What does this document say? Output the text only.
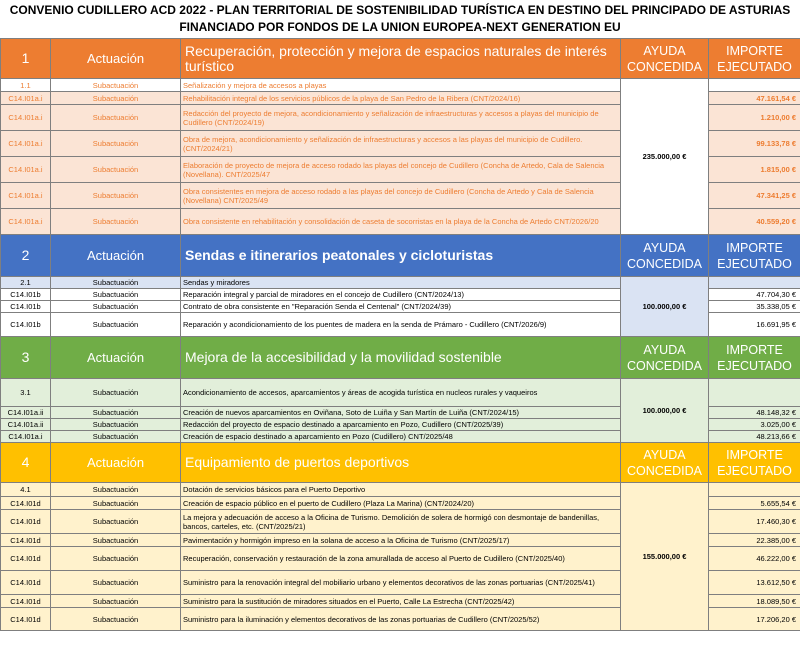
CONVENIO CUDILLERO ACD 2022 - PLAN TERRITORIAL DE SOSTENIBILIDAD TURÍSTICA EN DESTINO DEL PRINCIPADO DE ASTURIAS
FINANCIADO POR FONDOS DE LA UNION EUROPEA-NEXT GENERATION EU
1	Actuación	Recuperación, protección y mejora de espacios naturales de interés turístico	AYUDA CONCEDIDA	IMPORTE EJECUTADO
1.1	Subactuación	Señalización y mejora de accesos a playas	235.000,00 €	
C14.I01a.i	Subactuación	Rehabilitación integral de los servicios públicos de la playa de San Pedro de la Ribera (CNT/2024/16)		47.161,54 €
C14.I01a.i	Subactuación	Redacción del proyecto de mejora, acondicionamiento y señalización de infraestructuras y accesos a playas del municipio de Cudillero (CNT/2024/19)		1.210,00 €
C14.I01a.i	Subactuación	Obra de mejora, acondicionamiento y señalización de infraestructuras y accesos a las playas del municipio de Cudillero. (CNT/2024/21)		99.133,78 €
C14.I01a.i	Subactuación	Elaboración de proyecto de mejora de acceso rodado las playas del concejo de Cudillero (Concha de Artedo, Cala de Salencia (Novellana). CNT/2025/47		1.815,00 €
C14.I01a.i	Subactuación	Obra consistentes en mejora de acceso rodado a las playas del concejo de Cudillero (Concha de Artedo y Cala de Salencia (Novellana) CNT/2025/49		47.341,25 €
C14.I01a.i	Subactuación	Obra consistente en rehabilitación y consolidación de caseta de socorristas en la playa de la Concha de Artedo CNT/2026/20		40.559,20 €
2	Actuación	Sendas e itinerarios peatonales y cicloturistas	AYUDA CONCEDIDA	IMPORTE EJECUTADO
2.1	Subactuación	Sendas y miradores	100.000,00 €	
C14.I01b	Subactuación	Reparación integral y parcial de miradores en el concejo de Cudillero (CNT/2024/13)		47.704,30 €
C14.I01b	Subactuación	Contrato de obra consistente en "Reparación Senda el Centenal" (CNT/2024/39)		35.338,05 €
C14.I01b	Subactuación	Reparación y acondicionamiento de los puentes de madera en la senda de Prámaro - Cudillero (CNT/2026/9)		16.691,95 €
3	Actuación	Mejora de la accesibilidad y la movilidad sostenible	AYUDA CONCEDIDA	IMPORTE EJECUTADO
3.1	Subactuación	Acondicionamiento de accesos, aparcamientos y áreas de acogida turística en nucleos rurales y vaqueiros	100.000,00 €	
C14.I01a.ii	Subactuación	Creación de nuevos aparcamientos en Oviñana, Soto de Luiña y San Martín de Luiña (CNT/2024/15)		48.148,32 €
C14.I01a.ii	Subactuación	Redacción del proyecto de espacio destinado a aparcamiento en Pozo, Cudillero (CNT/2025/39)		3.025,00 €
C14.I01a.i	Subactuación	Creación de espacio destinado a aparcamiento en Pozo (Cudillero) CNT/2025/48		48.213,66 €
4	Actuación	Equipamiento de puertos deportivos	AYUDA CONCEDIDA	IMPORTE EJECUTADO
4.1	Subactuación	Dotación de servicios básicos para el Puerto Deportivo	155.000,00 €	
C14.I01d	Subactuación	Creación de espacio público en el puerto de Cudillero (Plaza La Marina) (CNT/2024/20)		5.655,54 €
C14.I01d	Subactuación	La mejora y adecuación de acceso a la Oficina de Turismo. Demolición de solera de hormigó con desmontaje de bandenillas, bancos, carteles, etc. (CNT/2025/21)		17.460,30 €
C14.I01d	Subactuación	Pavimentación y hormigón impreso en la solana de acceso a la Oficina de Turismo (CNT/2025/17)		22.385,00 €
C14.I01d	Subactuación	Recuperación, conservación y restauración de la zona amurallada de acceso al Puerto de Cudillero (CNT/2025/40)		46.222,00 €
C14.I01d	Subactuación	Suministro para la renovación integral del mobiliario urbano y elementos decorativos de las zonas portuarias (CNT/2025/41)		13.612,50 €
C14.I01d	Subactuación	Suministro para la sustitución de miradores situados en el Puerto, Calle La Estrecha (CNT/2025/42)		18.089,50 €
C14.I01d	Subactuación	Suministro para la iluminación y elementos decorativos de las zonas portuarias de Cudillero (CNT/2025/52)		17.206,20 €
